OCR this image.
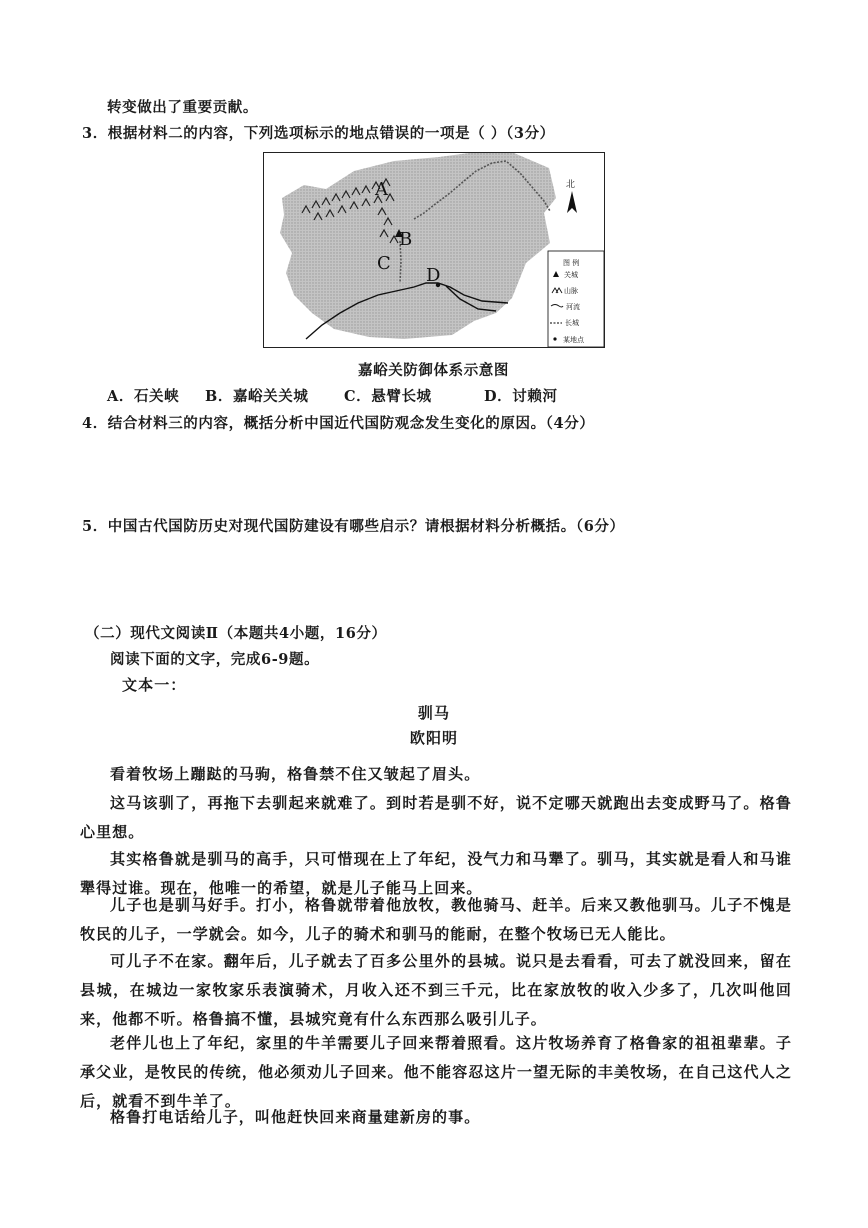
转变做出了重要贡献。
3．根据材料二的内容，下列选项标示的地点错误的一项是（ ）（3分）
A
B
C
D
北
图 例
关城
山脉
河流
长城
某地点
嘉峪关防御体系示意图
A．石关峡 B．嘉峪关关城 C．悬臂长城	D．讨赖河
4．结合材料三的内容，概括分析中国近代国防观念发生变化的原因。（4分）
5．中国古代国防历史对现代国防建设有哪些启示？请根据材料分析概括。（6分）
（二）现代文阅读Ⅱ（本题共4小题，16分）
阅读下面的文字，完成6-9题。
文本一：
驯马
欧阳明

看着牧场上蹦跶的马驹，格鲁禁不住又皱起了眉头。

这马该驯了，再拖下去驯起来就难了。到时若是驯不好，说不定哪天就跑出去变成野马了。格鲁心里想。

其实格鲁就是驯马的高手，只可惜现在上了年纪，没气力和马犟了。驯马，其实就是看人和马谁犟得过谁。现在，他唯一的希望，就是儿子能马上回来。

儿子也是驯马好手。打小，格鲁就带着他放牧，教他骑马、赶羊。后来又教他驯马。儿子不愧是牧民的儿子，一学就会。如今，儿子的骑术和驯马的能耐，在整个牧场已无人能比。

可儿子不在家。翻年后，儿子就去了百多公里外的县城。说只是去看看，可去了就没回来，留在县城，在城边一家牧家乐表演骑术，月收入还不到三千元，比在家放牧的收入少多了，几次叫他回来，他都不听。格鲁搞不懂，县城究竟有什么东西那么吸引儿子。

老伴儿也上了年纪，家里的牛羊需要儿子回来帮着照看。这片牧场养育了格鲁家的祖祖辈辈。子承父业，是牧民的传统，他必须劝儿子回来。他不能容忍这片一望无际的丰美牧场，在自己这代人之后，就看不到牛羊了。

格鲁打电话给儿子，叫他赶快回来商量建新房的事。
